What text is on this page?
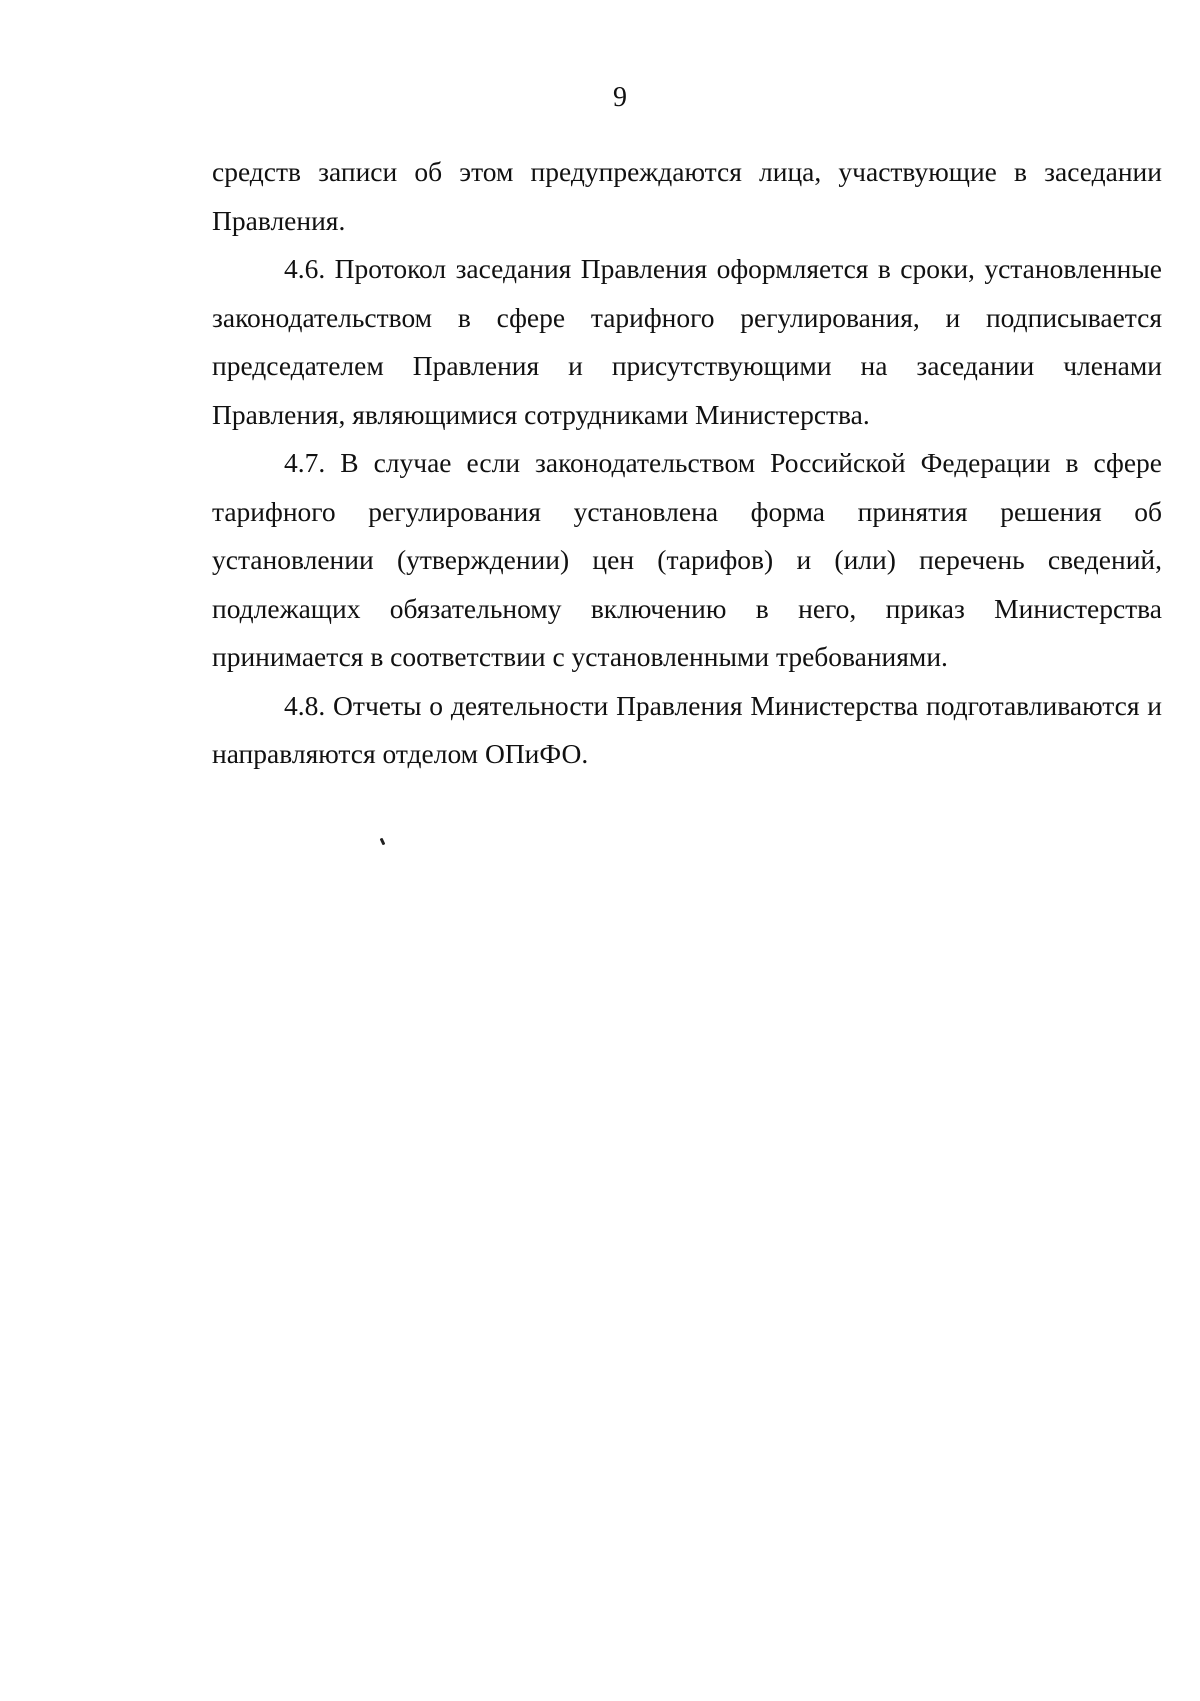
9

средств записи об этом предупреждаются лица, участвующие в заседании Правления.

4.6. Протокол заседания Правления оформляется в сроки, установленные законодательством в сфере тарифного регулирования, и подписывается председателем Правления и присутствующими на заседании членами Правления, являющимися сотрудниками Министерства.

4.7. В случае если законодательством Российской Федерации в сфере тарифного регулирования установлена форма принятия решения об установлении (утверждении) цен (тарифов) и (или) перечень сведений, подлежащих обязательному включению в него, приказ Министерства принимается в соответствии с установленными требованиями.

4.8. Отчеты о деятельности Правления Министерства подготавливаются и направляются отделом ОПиФО.
